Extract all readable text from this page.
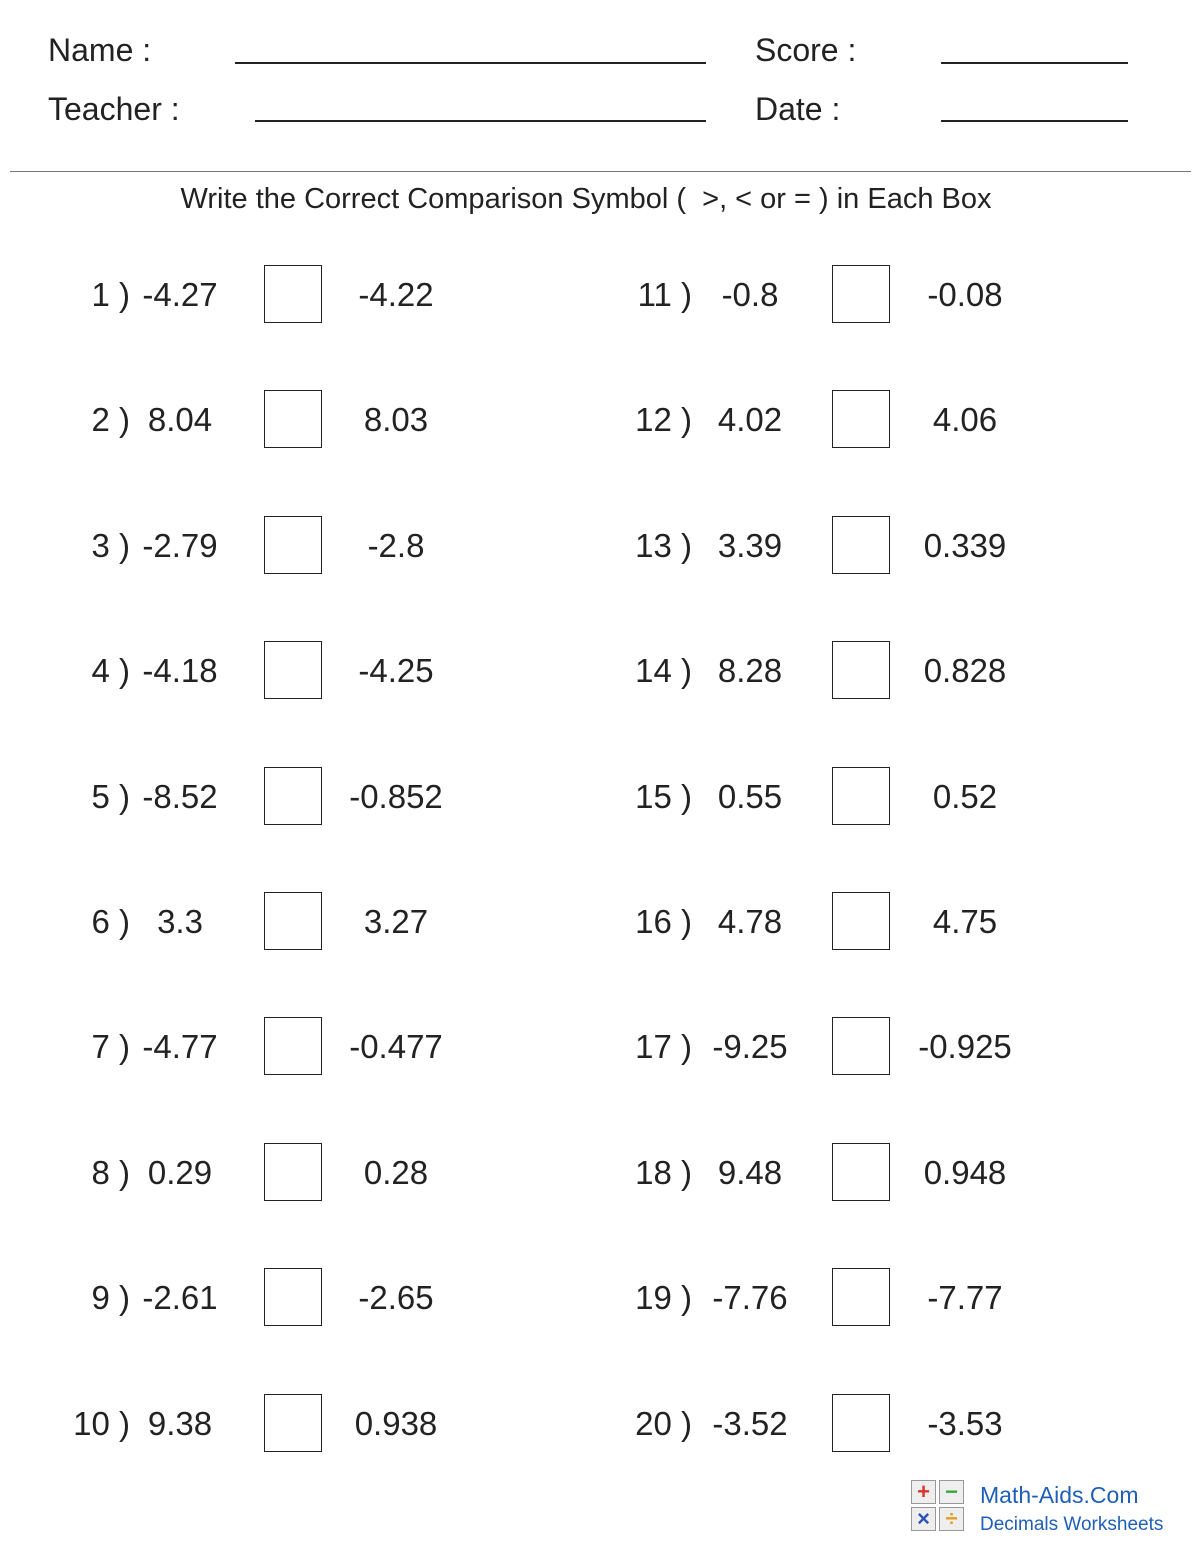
Name :
Teacher :
Score :
Date :
Write the Correct Comparison Symbol (  >, < or = ) in Each Box
1 ) -4.27	-4.22
2 ) 8.04	8.03
3 ) -2.79	-2.8
4 ) -4.18	-4.25
5 ) -8.52	-0.852
6 ) 3.3	3.27
7 ) -4.77	-0.477
8 ) 0.29	0.28
9 ) -2.61	-2.65
10 ) 9.38	0.938
11 ) -0.8	-0.08
12 ) 4.02	4.06
13 ) 3.39	0.339
14 ) 8.28	0.828
15 ) 0.55	0.52
16 ) 4.78	4.75
17 ) -9.25	-0.925
18 ) 9.48	0.948
19 ) -7.76	-7.77
20 ) -3.52	-3.53
+ −
× ÷
Math-Aids.Com
Decimals Worksheets
